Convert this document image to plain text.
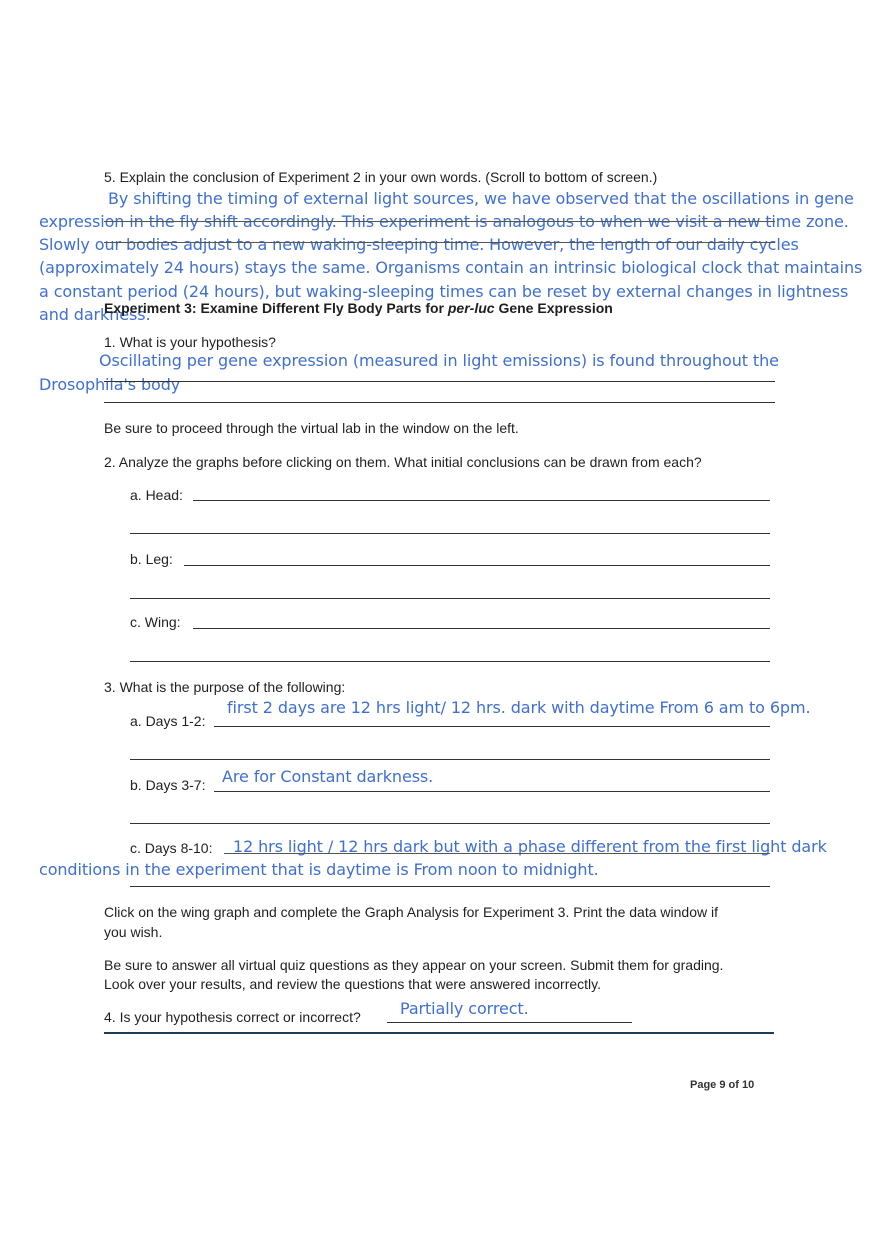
5. Explain the conclusion of Experiment 2 in your own words. (Scroll to bottom of screen.)
By shifting the timing of external light sources, we have observed that the oscillations in gene
expression in the fly shift accordingly. This experiment is analogous to when we visit a new time zone.
Slowly our bodies adjust to a new waking-sleeping time. However, the length of our daily cycles
(approximately 24 hours) stays the same. Organisms contain an intrinsic biological clock that maintains
a constant period (24 hours), but waking-sleeping times can be reset by external changes in lightness
and darkness.
Experiment 3: Examine Different Fly Body Parts for per-luc Gene Expression
1. What is your hypothesis?
Oscillating per gene expression (measured in light emissions) is found throughout the
Drosophila's body
Be sure to proceed through the virtual lab in the window on the left.
2. Analyze the graphs before clicking on them. What initial conclusions can be drawn from each?
a. Head:
b. Leg:
c. Wing:
3. What is the purpose of the following:
a. Days 1-2:
first 2 days are 12 hrs light/ 12 hrs. dark with daytime From 6 am to 6pm.
b. Days 3-7: Are for Constant darkness.
c. Days 8-10: 12 hrs light / 12 hrs dark but with a phase different from the first light dark
conditions in the experiment that is daytime is From noon to midnight.
Click on the wing graph and complete the Graph Analysis for Experiment 3. Print the data window if
you wish.
Be sure to answer all virtual quiz questions as they appear on your screen. Submit them for grading.
Look over your results, and review the questions that were answered incorrectly.
4. Is your hypothesis correct or incorrect? Partially correct.
Page 9 of 10
